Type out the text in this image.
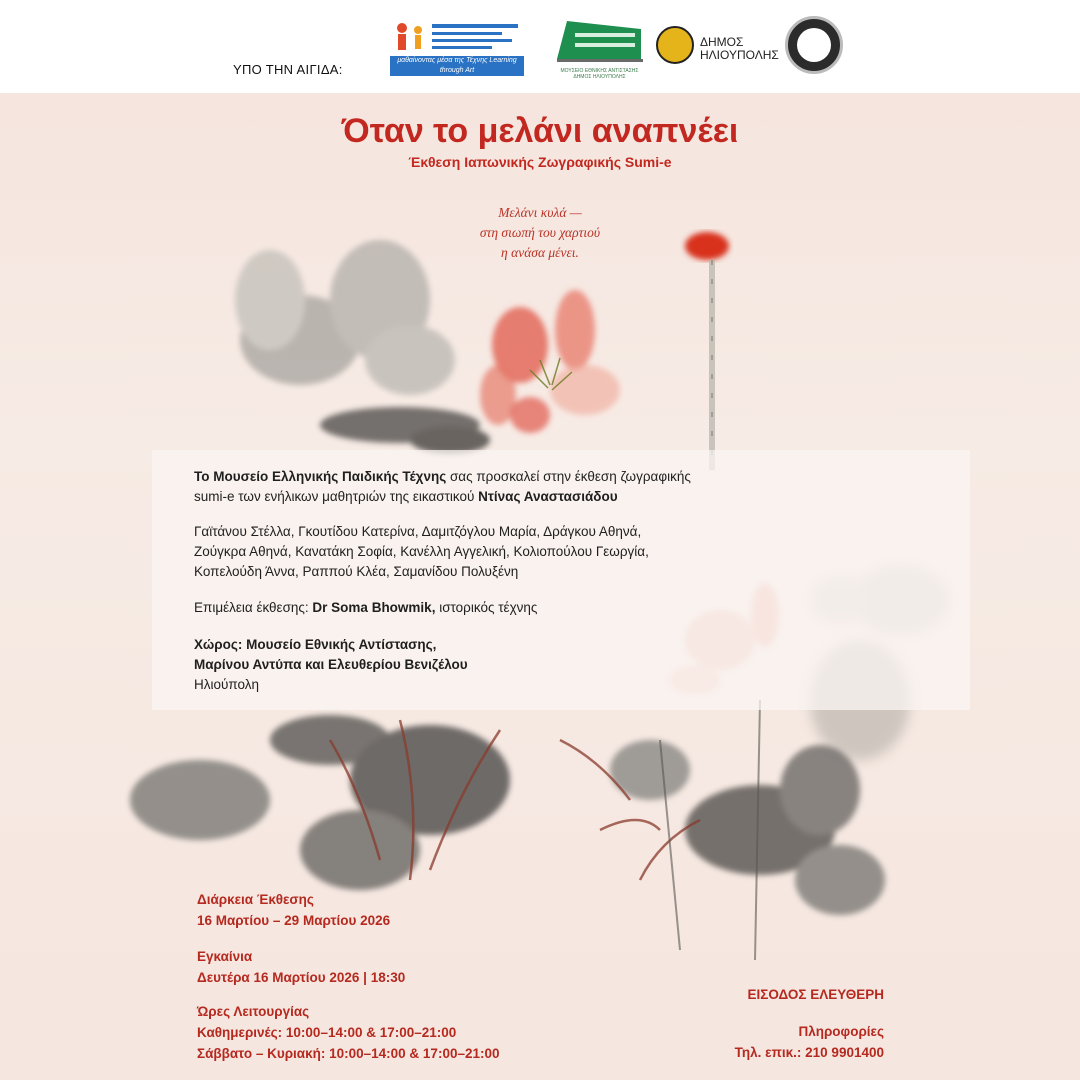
ΥΠΟ ΤΗΝ ΑΙΓΙΔΑ:
μαθαίνοντας μέσα της Τέχνης Learning through Art	ΜΟΥΣΕΙΟ ΕΘΝΙΚΗΣ ΑΝΤΙΣΤΑΣΗΣ ΔΗΜΟΣ ΗΛΙΟΥΠΟΛΗΣ
ΔΗΜΟΣ
ΗΛΙΟΥΠΟΛΗΣ
Όταν το μελάνι αναπνέει
Έκθεση Ιαπωνικής Ζωγραφικής Sumi-e
Μελάνι κυλά —
στη σιωπή του χαρτιού
η ανάσα μένει.
Το Μουσείο Ελληνικής Παιδικής Τέχνης σας προσκαλεί στην έκθεση ζωγραφικής
sumi-e των ενήλικων μαθητριών της εικαστικού Ντίνας Αναστασιάδου
Γαϊτάνου Στέλλα, Γκουτίδου Κατερίνα, Δαμιτζόγλου Μαρία, Δράγκου Αθηνά,
Ζούγκρα Αθηνά, Κανατάκη Σοφία, Κανέλλη Αγγελική, Κολιοπούλου Γεωργία,
Κοπελούδη Άννα, Ραππού Κλέα, Σαμανίδου Πολυξένη
Επιμέλεια έκθεσης: Dr Soma Bhowmik, ιστορικός τέχνης
Χώρος: Μουσείο Εθνικής Αντίστασης,
Μαρίνου Αντύπα και Ελευθερίου Βενιζέλου
Ηλιούπολη
Διάρκεια Έκθεσης
16 Μαρτίου – 29 Μαρτίου 2026
Εγκαίνια
Δευτέρα 16 Μαρτίου 2026 | 18:30
Ώρες Λειτουργίας
Καθημερινές: 10:00–14:00 & 17:00–21:00
Σάββατο – Κυριακή: 10:00–14:00 & 17:00–21:00
ΕΙΣΟΔΟΣ ΕΛΕΥΘΕΡΗ
Πληροφορίες
Τηλ. επικ.: 210 9901400
